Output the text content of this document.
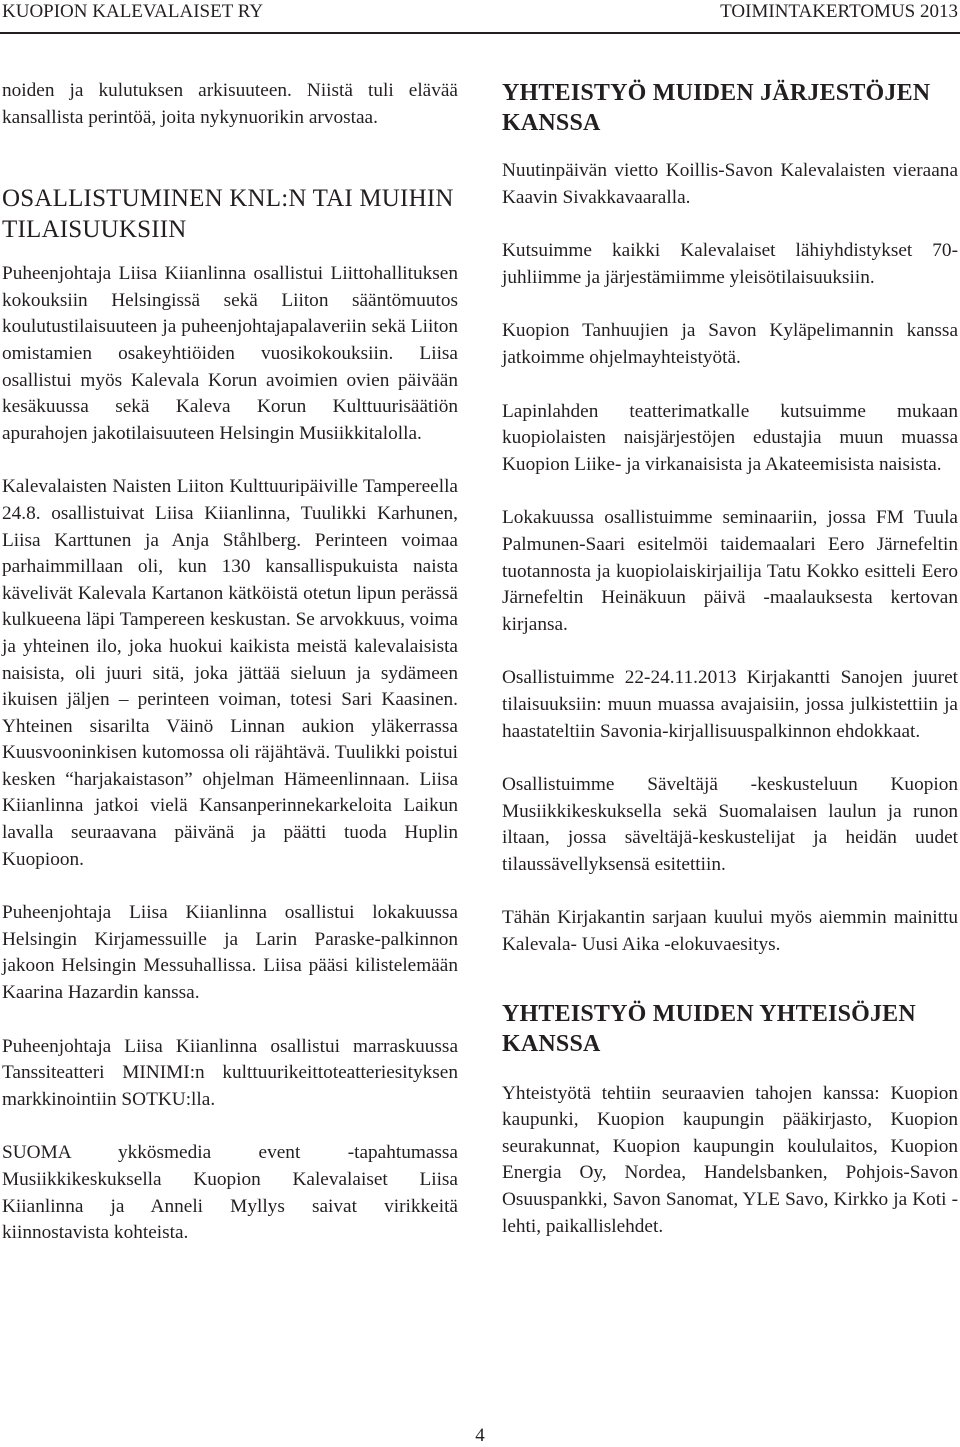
KUOPION KALEVALAISET RY	TOIMINTAKERTOMUS 2013

noiden ja kulutuksen arkisuuteen. Niistä tuli elävää kansallista perintöä, joita nykynuorikin arvostaa.

OSALLISTUMINEN KNL:N TAI MUIHIN TILAISUUKSIIN

Puheenjohtaja Liisa Kiianlinna osallistui Liittohallituksen kokouksiin Helsingissä sekä Liiton sääntömuutos koulutustilaisuuteen ja puheenjohtajapalaveriin sekä Liiton omistamien osakeyhtiöiden vuosikokouksiin. Liisa osallistui myös Kalevala Korun avoimien ovien päivään kesäkuussa sekä Kaleva Korun Kulttuurisäätiön apurahojen jakotilaisuuteen Helsingin Musiikkitalolla.

Kalevalaisten Naisten Liiton Kulttuuripäiville Tampereella 24.8. osallistuivat Liisa Kiianlinna, Tuulikki Karhunen, Liisa Karttunen ja Anja Ståhlberg. Perinteen voimaa parhaimmillaan oli, kun 130 kansallispukuista naista kävelivät Kalevala Kartanon kätköistä otetun lipun perässä kulkueena läpi Tampereen keskustan. Se arvokkuus, voima ja yhteinen ilo, joka huokui kaikista meistä kalevalaisista naisista, oli juuri sitä, joka jättää sieluun ja sydämeen ikuisen jäljen – perinteen voiman, totesi Sari Kaasinen. Yhteinen sisarilta Väinö Linnan aukion yläkerrassa Kuusvooninkisen kutomossa oli räjähtävä. Tuulikki poistui kesken “harjakaistason” ohjelman Hämeenlinnaan. Liisa Kiianlinna jatkoi vielä Kansanperinnekarkeloita Laikun lavalla seuraavana päivänä ja päätti tuoda Huplin Kuopioon.

Puheenjohtaja Liisa Kiianlinna osallistui lokakuussa Helsingin Kirjamessuille ja Larin Paraske-palkinnon jakoon Helsingin Messuhallissa. Liisa pääsi kilistelemään Kaarina Hazardin kanssa.

Puheenjohtaja Liisa Kiianlinna osallistui marraskuussa Tanssiteatteri MINIMI:n kulttuurikeittoteatteriesityksen markkinointiin SOTKU:lla.

SUOMA ykkösmedia event -tapahtumassa Musiikkikeskuksella Kuopion Kalevalaiset Liisa Kiianlinna ja Anneli Myllys saivat virikkeitä kiinnostavista kohteista.

YHTEISTYÖ MUIDEN JÄRJESTÖJEN KANSSA

Nuutinpäivän vietto Koillis-Savon Kalevalaisten vieraana Kaavin Sivakkavaaralla.

Kutsuimme kaikki Kalevalaiset lähiyhdistykset 70-juhliimme ja järjestämiimme yleisötilaisuuksiin.

Kuopion Tanhuujien ja Savon Kyläpelimannin kanssa jatkoimme ohjelmayhteistyötä.

Lapinlahden teatterimatkalle kutsuimme mukaan kuopiolaisten naisjärjestöjen edustajia muun muassa Kuopion Liike- ja virkanaisista ja Akateemisista naisista.

Lokakuussa osallistuimme seminaariin, jossa FM Tuula Palmunen-Saari esitelmöi taidemaalari Eero Järnefeltin tuotannosta ja kuopiolaiskirjailija Tatu Kokko esitteli Eero Järnefeltin Heinäkuun päivä -maalauksesta kertovan kirjansa.

Osallistuimme 22-24.11.2013 Kirjakantti Sanojen juuret tilaisuuksiin: muun muassa avajaisiin, jossa julkistettiin ja haastateltiin Savonia-kirjallisuuspalkinnon ehdokkaat.

Osallistuimme Säveltäjä -keskusteluun Kuopion Musiikkikeskuksella sekä Suomalaisen laulun ja runon iltaan, jossa säveltäjä-keskustelijat ja heidän uudet tilaussävellyksensä esitettiin.

Tähän Kirjakantin sarjaan kuului myös aiemmin mainittu Kalevala- Uusi Aika -elokuvaesitys.

YHTEISTYÖ MUIDEN YHTEISÖJEN KANSSA

Yhteistyötä tehtiin seuraavien tahojen kanssa: Kuopion kaupunki, Kuopion kaupungin pääkirjasto, Kuopion seurakunnat, Kuopion kaupungin koululaitos, Kuopion Energia Oy, Nordea, Handelsbanken, Pohjois-Savon Osuuspankki, Savon Sanomat, YLE Savo, Kirkko ja Koti -lehti, paikallislehdet.

4
